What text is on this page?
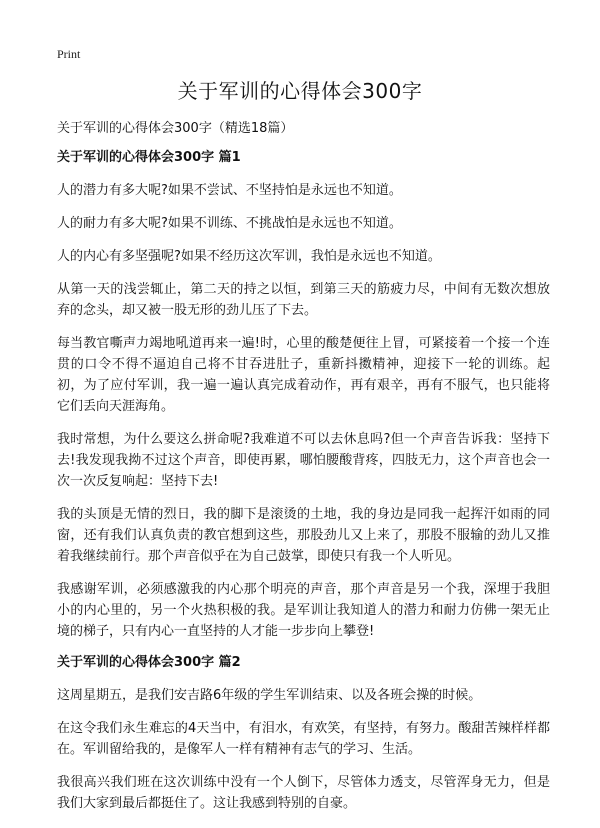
Print
关于军训的心得体会300字

关于军训的心得体会300字（精选18篇）

关于军训的心得体会300字 篇1

人的潜力有多大呢?如果不尝试、不坚持怕是永远也不知道。

人的耐力有多大呢?如果不训练、不挑战怕是永远也不知道。

人的内心有多坚强呢?如果不经历这次军训，我怕是永远也不知道。

从第一天的浅尝辄止，第二天的持之以恒，到第三天的筋疲力尽，中间有无数次想放弃的念头，却又被一股无形的劲儿压了下去。

每当教官嘶声力竭地吼道再来一遍!时，心里的酸楚便往上冒，可紧接着一个接一个连贯的口令不得不逼迫自己将不甘吞进肚子，重新抖擞精神，迎接下一轮的训练。起初，为了应付军训，我一遍一遍认真完成着动作，再有艰辛，再有不服气，也只能将它们丢向天涯海角。

我时常想，为什么要这么拼命呢?我难道不可以去休息吗?但一个声音告诉我：坚持下去!我发现我拗不过这个声音，即使再累，哪怕腰酸背疼，四肢无力，这个声音也会一次一次反复响起：坚持下去!

我的头顶是无情的烈日，我的脚下是滚烫的土地，我的身边是同我一起挥汗如雨的同窗，还有我们认真负责的教官想到这些，那股劲儿又上来了，那股不服输的劲儿又推着我继续前行。那个声音似乎在为自己鼓掌，即使只有我一个人听见。

我感谢军训，必须感激我的内心那个明亮的声音，那个声音是另一个我，深埋于我胆小的内心里的，另一个火热积极的我。是军训让我知道人的潜力和耐力仿佛一架无止境的梯子，只有内心一直坚持的人才能一步步向上攀登!

关于军训的心得体会300字 篇2

这周星期五，是我们安吉路6年级的学生军训结束、以及各班会操的时候。

在这令我们永生难忘的4天当中，有泪水，有欢笑，有坚持，有努力。酸甜苦辣样样都在。军训留给我的，是像军人一样有精神有志气的学习、生活。

我很高兴我们班在这次训练中没有一个人倒下，尽管体力透支，尽管浑身无力，但是我们大家到最后都挺住了。这让我感到特别的自豪。
